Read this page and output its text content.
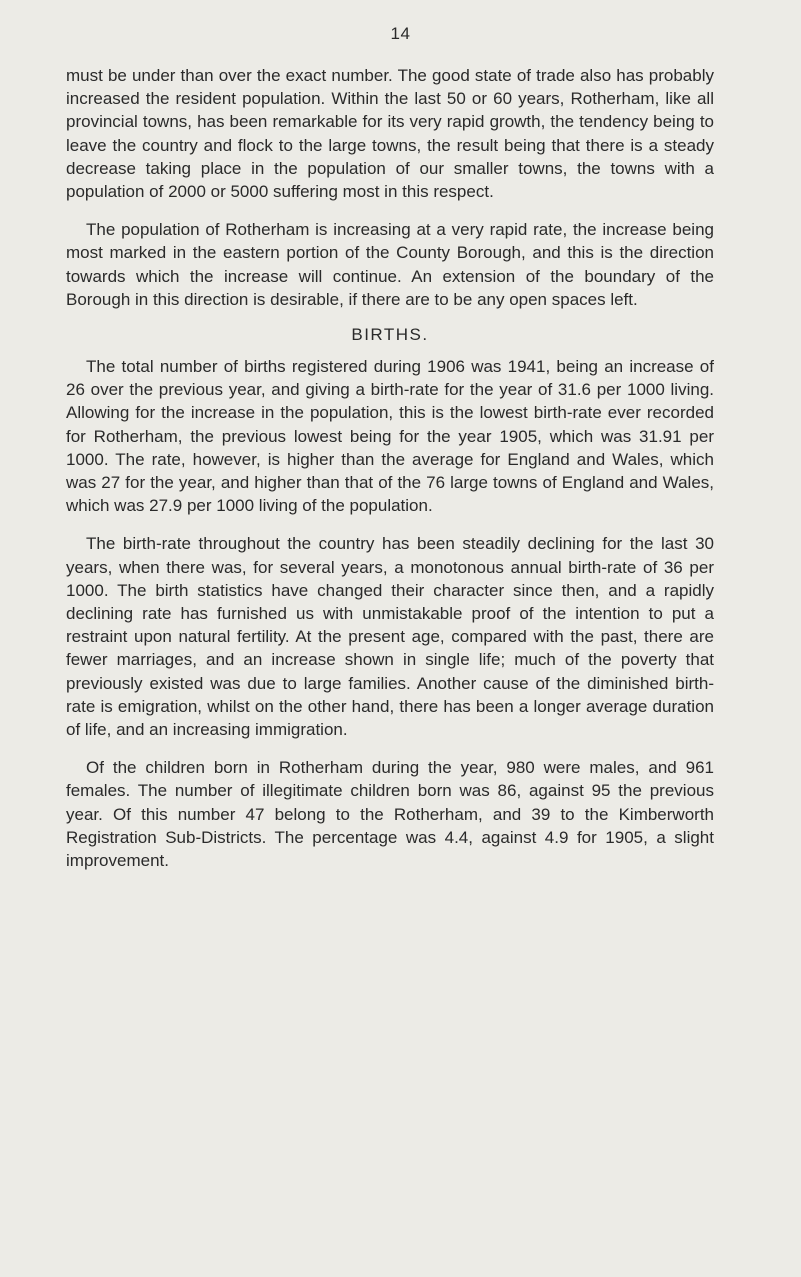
14

must be under than over the exact number. The good state of trade also has probably increased the resident population. Within the last 50 or 60 years, Rotherham, like all provincial towns, has been remarkable for its very rapid growth, the tendency being to leave the country and flock to the large towns, the result being that there is a steady decrease taking place in the population of our smaller towns, the towns with a population of 2000 or 5000 suffering most in this respect.

The population of Rotherham is increasing at a very rapid rate, the increase being most marked in the eastern portion of the County Borough, and this is the direction towards which the increase will continue. An extension of the boundary of the Borough in this direction is desirable, if there are to be any open spaces left.

BIRTHS.

The total number of births registered during 1906 was 1941, being an increase of 26 over the previous year, and giving a birth-rate for the year of 31.6 per 1000 living. Allowing for the increase in the population, this is the lowest birth-rate ever recorded for Rotherham, the previous lowest being for the year 1905, which was 31.91 per 1000. The rate, however, is higher than the average for England and Wales, which was 27 for the year, and higher than that of the 76 large towns of England and Wales, which was 27.9 per 1000 living of the population.

The birth-rate throughout the country has been steadily declining for the last 30 years, when there was, for several years, a monotonous annual birth-rate of 36 per 1000. The birth statistics have changed their character since then, and a rapidly declining rate has furnished us with unmistakable proof of the intention to put a restraint upon natural fertility. At the present age, compared with the past, there are fewer marriages, and an increase shown in single life; much of the poverty that previously existed was due to large families. Another cause of the diminished birth-rate is emigration, whilst on the other hand, there has been a longer average duration of life, and an increasing immigration.

Of the children born in Rotherham during the year, 980 were males, and 961 females. The number of illegitimate children born was 86, against 95 the previous year. Of this number 47 belong to the Rotherham, and 39 to the Kimberworth Registration Sub-Districts. The percentage was 4.4, against 4.9 for 1905, a slight improvement.
